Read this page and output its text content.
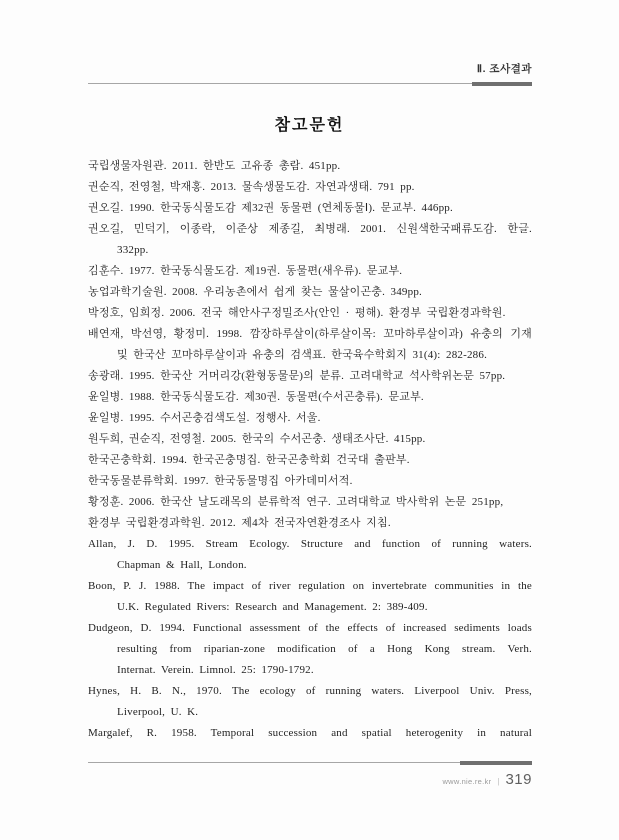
Ⅱ. 조사결과
참고문헌
국립생물자원관. 2011. 한반도 고유종 총람. 451pp.
권순직, 전영철, 박재홍. 2013. 물속생물도감. 자연과생태. 791 pp.
권오길. 1990. 한국동식물도감 제32권 동물편 (연체동물Ⅰ). 문교부. 446pp.
권오길, 민덕기, 이종락, 이준상 제종길, 최병래. 2001. 신원색한국패류도감. 한글.
332pp.
김훈수. 1977. 한국동식물도감. 제19권. 동물편(새우류). 문교부.
농업과학기술원. 2008. 우리농촌에서 쉽게 찾는 물살이곤충. 349pp.
박정호, 임희정. 2006. 전국 해안사구정밀조사(안인 · 평해). 환경부 국립환경과학원.
배연재, 박선영, 황정미. 1998. 깜장하루살이(하루살이목: 꼬마하루살이과) 유충의 기재
및 한국산 꼬마하루살이과 유충의 검색표. 한국육수학회지 31(4): 282-286.
송광래. 1995. 한국산 거머리강(환형동물문)의 분류. 고려대학교 석사학위논문 57pp.
윤일병. 1988. 한국동식물도감. 제30권. 동물편(수서곤충류). 문교부.
윤일병. 1995. 수서곤충검색도설. 정행사. 서울.
원두희, 권순직, 전영철. 2005. 한국의 수서곤충. 생태조사단. 415pp.
한국곤충학회. 1994. 한국곤충명집. 한국곤충학회 건국대 출판부.
한국동물분류학회. 1997. 한국동물명집 아카데미서적.
황정훈. 2006. 한국산 날도래목의 분류학적 연구. 고려대학교 박사학위 논문 251pp,
환경부 국립환경과학원. 2012. 제4차 전국자연환경조사 지침.
Allan, J. D. 1995. Stream Ecology. Structure and function of running waters.
Chapman & Hall, London.
Boon, P. J. 1988. The impact of river regulation on invertebrate communities in the
U.K. Regulated Rivers: Research and Management. 2: 389-409.
Dudgeon, D. 1994. Functional assessment of the effects of increased sediments loads
resulting from riparian-zone modification of a Hong Kong stream. Verh.
Internat. Verein. Limnol. 25: 1790-1792.
Hynes, H. B. N., 1970. The ecology of running waters. Liverpool Univ. Press,
Liverpool, U. K.
Margalef, R. 1958. Temporal succession and spatial heterogenity in natural
www.nie.re.kr | 319
